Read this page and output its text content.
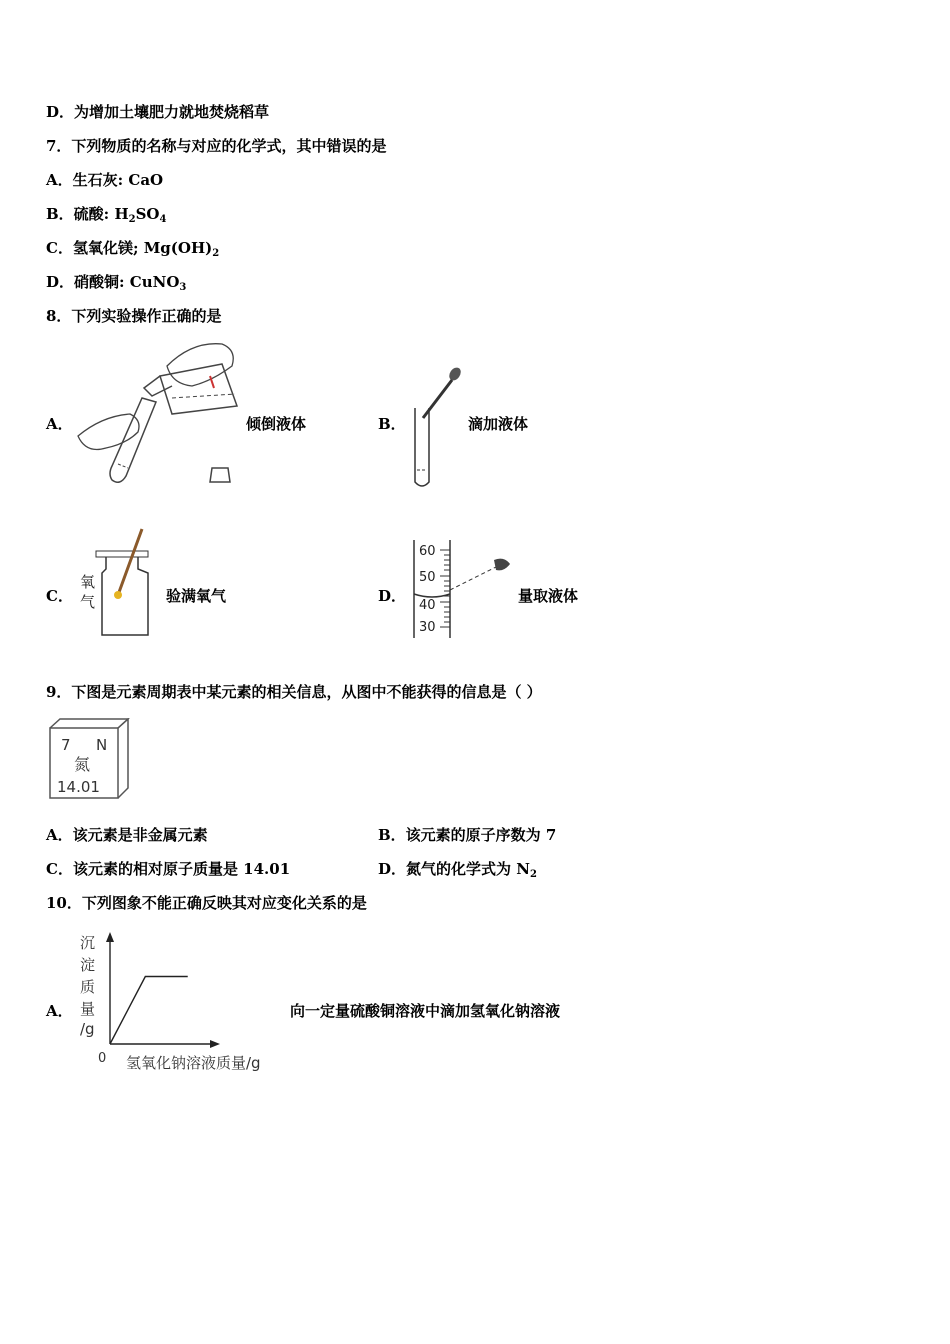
D．为增加土壤肥力就地焚烧稻草
7．下列物质的名称与对应的化学式，其中错误的是
A．生石灰: CaO
B．硫酸: $H_2SO_4$
C．氢氧化镁; $Mg(OH)_2$
D．硝酸铜: CuNO$_3$
8．下列实验操作正确的是
A．	倾倒液体	B．	滴加液体
C．
氧
气	验满氧气	D．
60
50
40
30
量取液体
9．下图是元素周期表中某元素的相关信息，从图中不能获得的信息是（ ）
7 N
氮
14.01
A．该元素是非金属元素	B．该元素的原子序数为 7
C．该元素的相对原子质量是 14.01	D．氮气的化学式为 $N_2$
10．下列图象不能正确反映其对应变化关系的是
A．
沉
淀
质
量
/g
0 氢氧化钠溶液质量/g
向一定量硫酸铜溶液中滴加氢氧化钠溶液
